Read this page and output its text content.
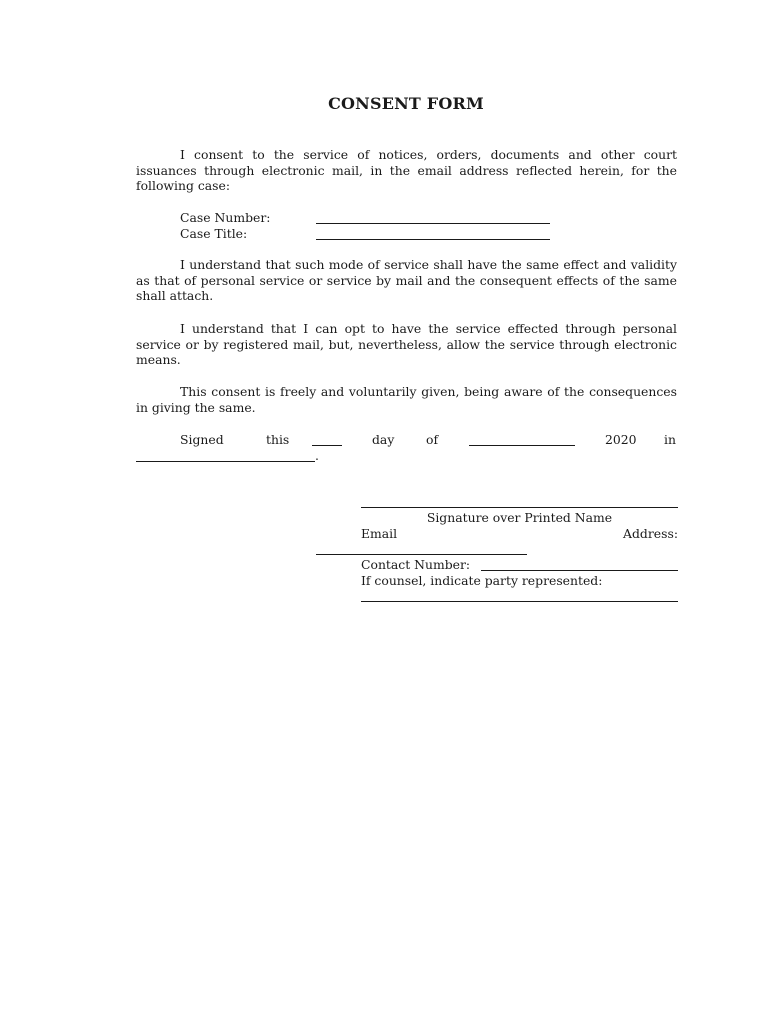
CONSENT FORM

I consent to the service of notices, orders, documents and other court issuances through electronic mail, in the email address reflected herein, for the following case:

Case Number:
Case Title:

I understand that such mode of service shall have the same effect and validity as that of personal service or service by mail and the consequent effects of the same shall attach.

I understand that I can opt to have the service effected through personal service or by registered mail, but, nevertheless, allow the service through electronic means.

This consent is freely and voluntarily given, being aware of the consequences in giving the same.

Signed	this	day	of	2020 in
.
Signature over Printed Name
Email	Address:
Contact Number:
If counsel, indicate party represented:
